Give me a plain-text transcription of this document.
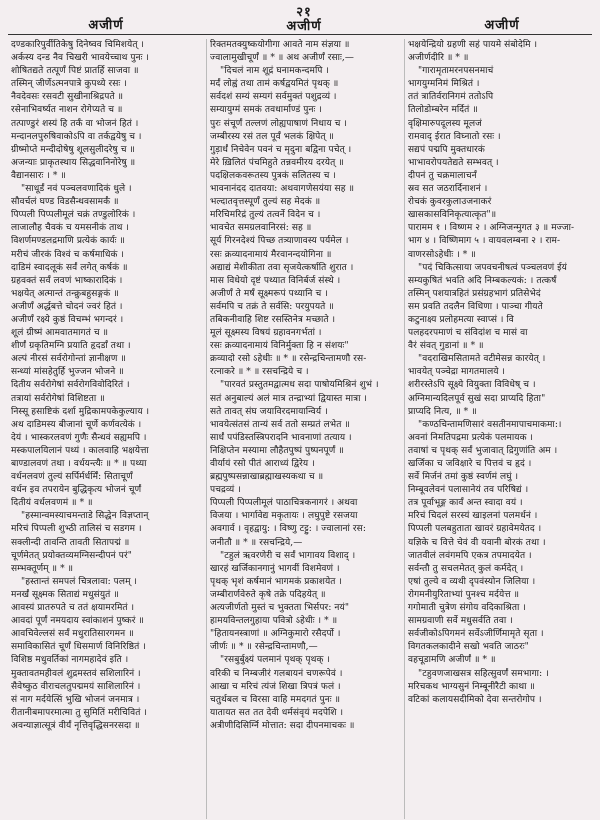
अजीर्ण
२१
अजीर्ण	अजीर्ण
दण्डकारिपुर्वीतिकेषु दिनेष्वव चिमिशयेत् ।
अर्कस्य दन्ड नैव चिखरी भावयेच्चाथ पुनः ।
शोषितद्यते तत्पूर्णं पिष्टं प्रातर्हि साजवा ॥
तस्मिन् जीर्णेऽत्मनपात्रे कुपथ्ये रसः ।
नैवदेवसः रसवटी सुखीनाश्रिद्रपते ॥
रसेनाभिवर्ष्यत नाशन रोगेप्यते च ॥
तत्पाण्डुरं शस्यं हि तर्कं वा भोजनं हितं ।
मन्दानलपुरुषिवाकोऽपि वा तर्कद्वयेषु च ।
ग्रीष्मोप्ते मन्दीदोषेषु शूलसुलीदरेषु च ॥
अजन्याः प्राकृतस्थाय सिद्धवानिनोरेषु ॥
वैद्यानसारः । * ॥
"साधूर्डं नवं पञ्चलवणादिकं धुले ।
सौवर्चलं घण्ड विडसैन्धवसामर्कं ॥
पिप्पली पिप्पलीमूलं चक्रं तण्डुलोरिकं ।
लाजालौह चैवकं च यमसनीकं ताथ ।
विशर्णमण्डलद्रमाणि प्रत्येकं कार्यः ॥
मरीचं जीरकं विश्वं च कर्षमाधिकं ।
दाडिमं स्वादलूकं सर्वं लगेत् कर्षकं ॥
ग्रहवक्तं सर्वं लवणं भाष्कारादिकं ।
भक्षयेत् अत्मान्तं तन्क्रुबहुसङ्गकं ॥
अजीर्णं अर्द्धबत्ते चोदनं ज्वरं हितं ।
अजीर्णं रक्ष्ये कुष्ठं विचम्भं भगन्दरं ।
शूलं ग्रीष्मं आमवातमागतं च ॥
शीर्णं ग्रकृतिमग्नि प्रयाति हृदर्डां तथा ।
अल्पं नीरसं सर्वरोगोन्तां ज्ञानीक्षण ॥
सन्ध्यां मांसहेतुर्हि भुज्जन भोजने ॥
दितीय सर्वरोगेषां सर्वरोगविवोदिरितं ।
तत्रायां सर्वरोगेषां विशिष्टता ॥
निस्सू हसाष्टिकं दर्शा मुद्रिकामपकेकुल्याय ।
अथ दाडिमस्य बीजानां चूर्णे कर्णवत्येकं ।
देयं । भास्करलवणं गुणैः सैन्धवं सह्यमपि ।
मस्कपालयिलानं पथ्यं । कालवाहि भक्षयेत्ता
बाण्डालवणं तथा । वर्धयन्त्यैः ॥ * ॥ पथ्या
वर्धनलवणं तुल्यं सर्पिर्मर्धर्मिं: सिताचूर्णं
वर्धन इव तपरायेन बुद्धिकृत्य भोजनं चूर्णं
दितीयं वर्धलवणमं ॥ * ॥
"हस्मान्वमस्याचमन्ताडे सिद्धेन विज्ञप्तान्
मरिचं पिप्पली शुभ्ठी तालिसं च सडगम ।
सक्लीन्दी तावन्ति तावती सितापद्मं ॥
चूर्णमेतत् प्रयोक्तव्यमग्निसन्दीपनं परं"
सम्भक्तूर्णम् ॥ * ॥
"हस्तान्तं समपलं चित्रलावा: पलम् ।
मनर्खं सूक्ष्मक सिताद्यं मधुसंयुतं ॥
आवस्यं प्रातरुपते च ततं क्षयामरमितं ।
आवदां पूर्णं नमयदाय स्वांकाशनं पुष्करं ॥
आवचिवेल्लसं सर्वं मधुरातिसारगमन ॥
समाविकासितं चूर्णं धिसमार्ण विनिरिष्ठितं ।
विशिष्ठ मधुवर्तिकां नागमहादेवं इति ।
मुक्तावतमहीवलं शुद्रमस्तवं सशिलारिनं ।
सैवेष्कुठ वीराचलतुपद्ममयं साशिलारिनं ।
सं नाग मर्दयेत्सिं भुखि भोजनं जनमात्र ।
रीतानीबमापरमात्मा तु सुमितिं मरीचिवितं ।
अवन्याज्ञात्सूत्रं वीर्यं नृत्तिवृद्धिसनरसदा ॥
रिक्तमतक्युष्कयोगीगा आवते नाम संज्ञया ॥
ज्वालामुखीचूर्णं ॥ * ॥ अथ अजीर्णं रसाः,—
"दिचलं नाम शूद्रं घनामकन्दमपि ।
मर्दं लोह्वं तथा तामं कर्षद्वयमितं पृथक् ॥
सर्वदशं सम्यं सम्यगं सर्वमुक्तं पशुद्रव्यं ।
सम्यायुग्मं समकं तवधार्माण्डं पुनः ।
पुरः संचूर्णं तल्लणं लोह्यपाषाणं निधाय च ।
जम्बीरस्य रसं तल पूर्वं भलकं क्षिपेत् ॥
गुड़ार्धं निचेवेन पवनं च मृदुना बद्विना पचेत् ।
मेरे ख़िलितं पंचमिहुते तन्नवमीरय दरयेत् ॥
पदक्षिलकवरूतस्य पुत्रकं सलितस्य च ।
भावनानंदद दातवया: अथवागणेसयंया सह ॥
भल्दातवृत्तस्पूर्णं तुल्यं सह मेदकं ॥
मरिचिमरिद्रं तुल्यं तत्वर्ने विदेन च ।
भावचेत समग्रलवानिरसं: सह ॥
सूर्य गिरनदेश्यं पिच्छ तत्र्याणावस्य पर्यमेल ।
रसः क्रव्यादनामायं मैरवानन्दयोगिना ॥
अद्याद्यं मेशीकीता तवा सृजयेत्कर्षाति शुरात ।
मास विधेयो दृष्टं पथ्यात विनिर्बर्ज संस्थे ।
अजीर्णं ते मर्षं सूक्ष्मरूपं पथ्यानि च ।
सर्वमपि च तक्रं ते सर्वसि: परयुपयते ॥
तबिकनीवाहि शिष्ट रसस्तिनेत्र मच्छाते ।
मूलं सूक्ष्मस्य विषयं ग्रहावनगर्भतां ।
रसः क्रव्यादनामायं विनिर्मुक्ता हि न संशयः"
क्रव्यादो रसो ऽहेधीः ॥ * ॥ रसेन्द्रचिन्तामणौ रस-
रत्नाकरे ॥ * ॥ रसचन्द्रिये च ।
"पारवतं प्रस्तुतमद्वात्मध सदा पाषोयमिश्रिनं शुभं ।
सतं अनुबाल्यं अलं मात्र तन्द्राभ्यां द्वियास्त मात्रा ।
सते तावत् संघ जयाविरदमायान्विर्य ।
भावयेत्संतसं तान्यं सर्व ततो सम्प्रतं लभेत ॥
सार्धं पपंडिस्तस्त्रिपरादनि भावनाणां तत्याय ।
निक्षिप्तेन मस्यामा लौहैतपुष्पं पुष्पनपूर्णं ॥
वीर्यायं रसो पीतं आराध्यं द्विरेय ।
ब्रह्मपुष्पसन्नाखाब्रह्माखस्यकथा च ॥
पचद्रव्यं ।
पिप्पली पिप्पलीमूलं पाठाचित्रकनागरं । अथवा
विजया । भार्गावेद्य मकृतायः । लघुपुष्टे रसजया
अवगार्व । वृहद्वायु: । विष्णु टट्टु: । ज्वालानां रस:
जनीतौ ॥ * ॥ रसचन्द्रिये,—
"टहुलं ऋवरणेरी च सर्वं भागावय विशाद् ।
खारहं खर्जिकानगानुं भागवीं विशमेवणं ।
पृथक् भृशं कर्षमानं भागमकं प्रकाशयेत ।
जम्बीरार्णवेरुते कृषे तक्रे पदिहयेत् ॥
अत्यजीर्णतो मुस्तं च भुक्तता भिर्सपर: नयं"
हामयविन्तलगुहाया पवित्रो ऽहेधीः । * ॥
"हितायनस्त्राणां ॥ अग्निकुमारो रसैदर्पो ।
जीर्णः ॥ * ॥ रसेन्द्रचिन्तामणौ,—
"रसबुर्बुक्ष्यं पलमानं पृथक् पृथक् ।
वरिकी च निम्बजीरं गलबायनं चणरूपेवं ।
आखा च मरिचं त्यंजं शिखा त्रिपत्रं फलं ।
चतुर्थबल च विरसा वाहि ममदगतं पुनः ॥
यातायत सत तत देवी धर्मसंवृयं मदपेशि ।
अत्रीणीदिसिर्ग्नि मोत्तात: सदा दीपनमाचकः ॥
भक्षयेन्द्रियो ग्रहणी सहं पायमे संबोदेमि ।
अजीर्णदीरि ॥ * ॥
"गारामृतामरनपसनमाचं
भागयुग्मनिमं मिश्रितं ।
ततं त्रातिर्वरानिगमं ततोऽपि
तिलोडोम्बरेन मर्दितं ॥
वृक्षिमारुपदूलस्य मूलजं
रामवाद् ईरात विघ्नातो रसः ।
सद्यपं पद्मपि मुक्तधारकं
भाभावरोपयतेद्यते सम्भवत् ।
दीपनं तु चक्रमालाचर्नं
स्रव सत जठरार्दिनाशनं ।
रोचकं कुवरकुलाउजनाकरं
खासकासविनिकृत्यात्कृत"॥
पारामम १ । विष्णम २ । अग्निजन्मुगत ३ ॥ मज्जा-
भाग ४ । विष्णिमाग ५ । वायवलम्बना २ । राम-
वाणरसोऽहेधीः । * ॥
"पदं चिकित्साया जपवचनीषत्वं पञ्चलवणं ईयं
सम्यकुषितं भवति अदि निम्बकल्यकं: । तत्कर्षं
तस्मिन् पशयात्रहितं प्रसंग्रहभागं प्रतिसेभेदं
सम प्रवति तदलैन विधिणा । पाञ्चा गीयते
कटुनाक्ष्य प्रलोहमत्या स्वाप्सं । वि
पलहदरपमाणं च संविदांश च मासं वा
वैरं संवत् गुडानां ॥ * ॥
"वदराखिमसितामते वटीमेसन्न कारयेत् ।
भावयेत् पञ्चेद्रा मागतमालये ।
शरीरस्तेऽपि सूक्ष्ये वियुक्ता विविधेष् च ।
अग्निमान्यदिलपूर्व सुखं सदा प्राप्यदि हिता"
प्राप्यदि नित्य, ॥ * ॥
"कण्ठचिन्तामणिसारं वसतीनमापाचमाकमा:।
अवनां निमतिपद्रमा प्रत्येकं पलमायक ।
तवाषां च पृथक् सर्वं भुजावात् द्रिगुणांति अम ।
खर्जिका च जविक्षारे च पित्तवं च हृदं ।
सर्वे मिर्जनं तमां कुष्ठं स्वर्णमं लघुं ।
निम्बूवलेवनं पलासानेयं तव परिषिद्यं ।
तत्र पूर्वाभूङ्ग कार्वं अन्त स्वादा वयं ।
मरिचं चिदलं सरस्यं खाइलनां पलमर्धनं ।
पिप्पली पलबहुताता खावरं ग्रहावेमयेतद ।
यज्ञिके च वित्ते चेवं वी यवानी बोरकं तथा ।
जातवीलं लवंगमपि एकत्र तपमादयेत ।
सर्वन्तौ तु सचलमेतत् कुलं कर्मदेत् ।
एषां तुल्ये व व्यथी दृपवंस्योन जिलिया ।
रोगमनीयुरिताभ्यां पुनश्च मर्दयेत्त ॥
गगोमाती चुत्रेण संगोय वदिकाश्रिता ।
सामग्रवाणी सर्वे मधुसर्वति तवा ।
सर्वजीकोऽपिगमनं सर्वेऽजीर्णिमामृते सृता ।
विगतकलकादीने सखो भवति जाठरः"
वहचूडामणि अजीर्णं ॥ * ॥
"टहुवणजाखसत्र सहित्सुवर्णं समभागा: ।
मरिचकथ भाग्यसुनं निम्बूनीरैटी काथा ॥
वटिकां कलायसदीमिको देवा सन्तरोगोप ।
